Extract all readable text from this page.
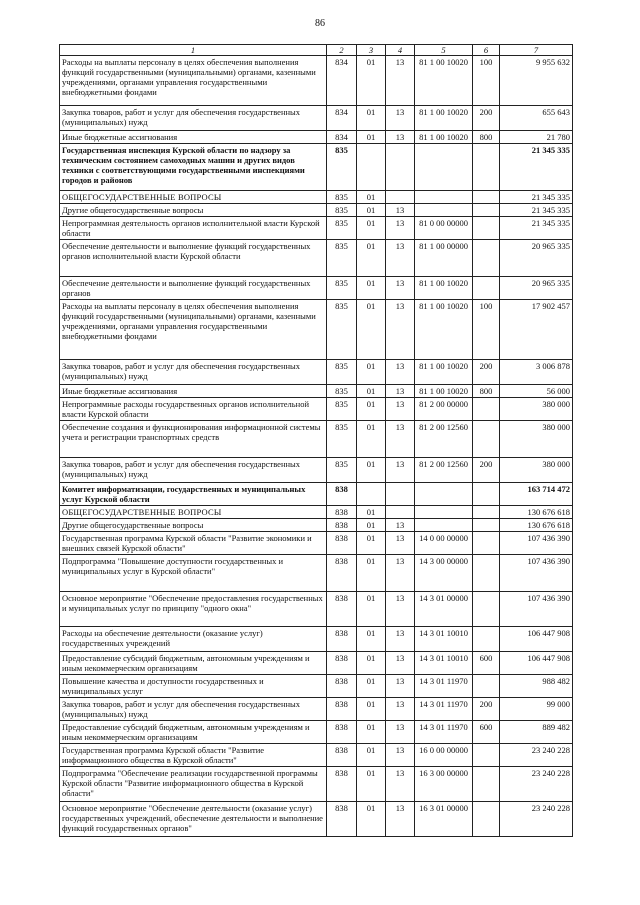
86
1	2	3	4	5	6	7
Расходы на выплаты персоналу в целях обеспечения выполнения функций государственными (муниципальными) органами, казенными учреждениями, органами управления государственными внебюджетными фондами	834	01	13	81 1 00 10020	100	9 955 632
Закупка товаров, работ и услуг для обеспечения государственных (муниципальных) нужд	834	01	13	81 1 00 10020	200	655 643
Иные бюджетные ассигнования	834	01	13	81 1 00 10020	800	21 780
Государственная инспекция Курской области по надзору за техническим состоянием самоходных машин и других видов техники с соответствующими государственными инспекциями городов и районов	835					21 345 335
ОБЩЕГОСУДАРСТВЕННЫЕ ВОПРОСЫ	835	01				21 345 335
Другие общегосударственные вопросы	835	01	13			21 345 335
Непрограммная деятельность органов исполнительной власти Курской области	835	01	13	81 0 00 00000		21 345 335
Обеспечение деятельности и выполнение функций государственных органов исполнительной власти Курской области	835	01	13	81 1 00 00000		20 965 335
Обеспечение деятельности и выполнение функций государственных органов	835	01	13	81 1 00 10020		20 965 335
Расходы на выплаты персоналу в целях обеспечения выполнения функций государственными (муниципальными) органами, казенными учреждениями, органами управления государственными внебюджетными фондами	835	01	13	81 1 00 10020	100	17 902 457
Закупка товаров, работ и услуг для обеспечения государственных (муниципальных) нужд	835	01	13	81 1 00 10020	200	3 006 878
Иные бюджетные ассигнования	835	01	13	81 1 00 10020	800	56 000
Непрограммные расходы государственных органов исполнительной власти Курской области	835	01	13	81 2 00 00000		380 000
Обеспечение создания и функционирования информационной системы учета и регистрации транспортных средств	835	01	13	81 2 00 12560		380 000
Закупка товаров, работ и услуг для обеспечения государственных (муниципальных) нужд	835	01	13	81 2 00 12560	200	380 000
Комитет информатизации, государственных и муниципальных услуг Курской области	838					163 714 472
ОБЩЕГОСУДАРСТВЕННЫЕ ВОПРОСЫ	838	01				130 676 618
Другие общегосударственные вопросы	838	01	13			130 676 618
Государственная программа Курской области "Развитие экономики и внешних связей Курской области"	838	01	13	14 0 00 00000		107 436 390
Подпрограмма "Повышение доступности государственных и муниципальных услуг в Курской области"	838	01	13	14 3 00 00000		107 436 390
Основное мероприятие "Обеспечение предоставления государственных и муниципальных услуг по принципу "одного окна"	838	01	13	14 3 01 00000		107 436 390
Расходы на обеспечение деятельности (оказание услуг) государственных учреждений	838	01	13	14 3 01 10010		106 447 908
Предоставление субсидий бюджетным, автономным учреждениям и иным некоммерческим организациям	838	01	13	14 3 01 10010	600	106 447 908
Повышение качества и доступности государственных и муниципальных услуг	838	01	13	14 3 01 11970		988 482
Закупка товаров, работ и услуг для обеспечения государственных (муниципальных) нужд	838	01	13	14 3 01 11970	200	99 000
Предоставление субсидий бюджетным, автономным учреждениям и иным некоммерческим организациям	838	01	13	14 3 01 11970	600	889 482
Государственная программа Курской области "Развитие информационного общества в Курской области"	838	01	13	16 0 00 00000		23 240 228
Подпрограмма "Обеспечение реализации государственной программы Курской области "Развитие информационного общества в Курской области"	838	01	13	16 3 00 00000		23 240 228
Основное мероприятие "Обеспечение деятельности (оказание услуг) государственных учреждений, обеспечение деятельности и выполнение функций государственных органов"	838	01	13	16 3 01 00000		23 240 228
